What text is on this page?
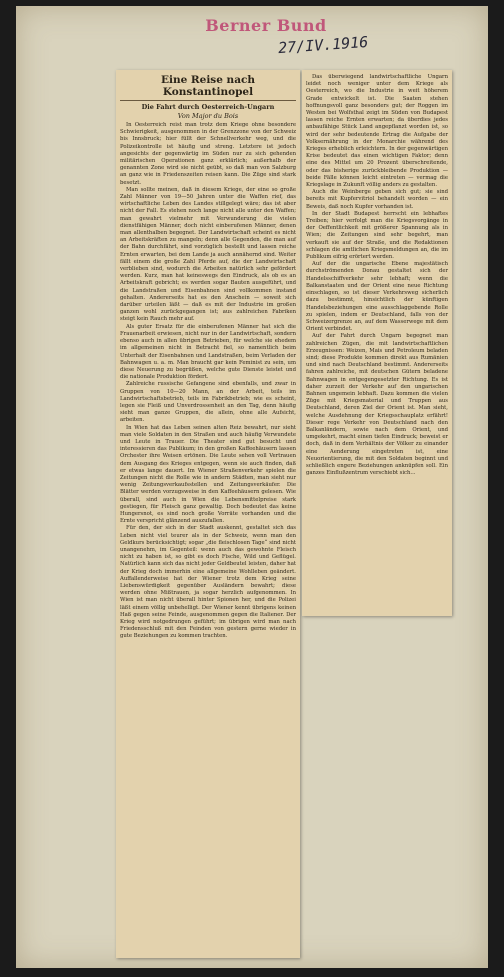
Berner Bund
27/IV.1916
Eine Reise nach Konstantinopel
Die Fahrt durch Oesterreich-Ungarn
Von Major du Bois

In Oesterreich reist man trotz dem Kriege ohne besondere Schwierigkeit, ausgenommen in der Grenzzone von der Schweiz bis Innsbruck; hier füllt der Schnellverkehr weg, und die Polizeikontrolle ist häufig und streng. Letztere ist jedoch angesichts der gegenwärtig im Süden nur zu sich gehenden militärischen Operationen ganz erklärlich; außerhalb der genannten Zone wird sie nicht geübt, so daß man von Salzburg an ganz wie in Friedenszeiten reisen kann. Die Züge sind stark besetzt.

Man sollte meinen, daß in diesem Kriege, der eine so große Zahl Männer von 19—50 Jahren unter die Waffen rief, das wirtschaftliche Leben des Landes stillgelegt wäre; das ist aber nicht der Fall. Es stehen noch lange nicht alle unter den Waffen; man gewahrt vielmehr mit Verwunderung die vielen dienstfähigen Männer, doch nicht einberufenen Männer, denen man allenthalben begegnet. Der Landwirtschaft scheint es nicht an Arbeitskräften zu mangeln; denn alle Gegenden, die man auf der Bahn durchfährt, sind vorzüglich bestellt und lassen reiche Ernten erwarten, bei dem Lande ja auch annähernd sind. Weiter fällt einem die große Zahl Pferde auf, die der Landwirtschaft verblieben sind, wodurch die Arbeiten natürlich sehr gefördert werden. Kurz, man hat keineswegs den Eindruck, als ob es an Arbeitskraft gebricht; es werden sogar Bauten ausgeführt, und die Landstraßen und Eisenbahnen sind vollkommen instand gehalten. Andererseits hat es den Anschein — soweit sich darüber urteilen läßt — daß es mit der Industrie im großen ganzen wohl zurückgegangen ist; aus zahlreichen Fabriken steigt kein Rauch mehr auf.

Als guter Ersatz für die einberufenen Männer hat sich die Frauenarbeit erwiesen, nicht nur in der Landwirtschaft, sondern ebenso auch in allen übrigen Betrieben, für welche sie ehedem im allgemeinen nicht in Betracht fiel, so namentlich beim Unterhalt der Eisenbahnen und Landstraßen, beim Verladen der Bahnwagen u. a. m. Man braucht gar kein Feminist zu sein, um diese Neuerung zu begrüßen, welche gute Dienste leistet und die nationale Produktion fördert.

Zahlreiche russische Gefangene sind ebenfalls, und zwar in Gruppen von 10—20 Mann, an der Arbeit, teils im Landwirtschaftsbetrieb, teils im Fabrikbetrieb; wie es scheint, legen sie Fleiß und Unverdrossenheit an den Tag, denn häufig sieht man ganze Gruppen, die allein, ohne alle Aufsicht, arbeiten.

In Wien hat das Leben seinen alten Reiz bewahrt, nur sieht man viele Soldaten in den Straßen und auch häufig Verwundete und Leute in Trauer. Die Theater sind gut besucht und interessieren das Publikum; in den großen Kaffeehäusern lassen Orchester ihre Weisen ertönen. Die Leute sehen voll Vertrauen dem Ausgang des Krieges entgegen, wenn sie auch finden, daß er etwas lange dauert. Im Wiener Straßenverkehr spielen die Zeitungen nicht die Rolle wie in andern Städten, man sieht nur wenig Zeitungsverkaufsstellen und Zeitungsverkäufer. Die Blätter werden vorzugsweise in den Kaffeehäusern gelesen. Wie überall, sind auch in Wien die Lebensmittelpreise stark gestiegen, für Fleisch ganz gewaltig. Doch bedeutet das keine Hungersnot, es sind noch große Vorräte vorhanden und die Ernte verspricht glänzend auszufallen.

Für den, der sich in der Stadt auskennt, gestaltet sich das Leben nicht viel teurer als in der Schweiz, wenn man den Geldkurs berücksichtigt; sogar „die fleischlosen Tage“ sind nicht unangenehm, im Gegenteil: wenn auch das gewohnte Fleisch nicht zu haben ist, so gibt es doch Fische, Wild und Geflügel. Natürlich kann sich das nicht jeder Geldbeutel leisten, daher hat der Krieg doch immerhin eine allgemeine Wohlleben geändert. Auffallenderweise hat der Wiener trotz dem Krieg seine Liebenswürdigkeit gegenüber Ausländern bewahrt; diese werden ohne Mißtrauen, ja sogar herzlich aufgenommen. In Wien ist man nicht überall hinter Spionen her, und die Polizei läßt einem völlig unbehelligt. Der Wiener kennt übrigens keinen Haß gegen seine Feinde, ausgenommen gegen die Italiener. Der Krieg wird notgedrungen geführt; im übrigen wird man nach Friedensschluß mit den Feinden von gestern gerne wieder in gute Beziehungen zu kommen trachten.

Das überwiegend landwirtschaftliche Ungarn leidet noch weniger unter dem Kriege als Oesterreich, wo die Industrie in weit höherem Grade entwickelt ist. Die Saaten stehen hoffnungsvoll ganz besonders gut; der Roggen im Westen bei Wolfsthal zeigt im Süden von Budapest lassen reiche Ernten erwarten; da überdies jedes anbaufähige Stück Land angepflanzt worden ist, so wird der sehr bedeutende Ertrag die Aufgabe der Volksernährung in der Monarchie während des Krieges erheblich erleichtern. In der gegenwärtigen Krise bedeutet das einen wichtigen Faktor; denn eine des Mittel um 20 Prozent überschreitende, oder das bisherige zurückbleibende Produktion — beide Fälle können leicht eintreten — vermag die Kriegslage in Zukunft völlig anders zu gestalten.

Auch die Weinberge geben sich gut; sie sind bereits mit Kupfervitriol behandelt worden — ein Beweis, daß noch Kupfer vorhanden ist.

In der Stadt Budapest herrscht ein lebhaftes Treiben; hier verfolgt man die Kriegsvorgänge in der Oeffentlichkeit mit größerer Spannung als in Wien; die Zeitungen sind sehr begehrt, man verkauft sie auf der Straße, und die Redaktionen schlagen die amtlichen Kriegsmeldungen an, die im Publikum eifrig erörtert werden.

Auf der die ungarische Ebene majestätisch durchströmenden Donau gestaltet sich der Handelsschiffverkehr sehr lebhaft; wenn die Balkanstaaten und der Orient eine neue Richtung einschlagen, so ist dieser Verkehrsweg sicherlich dazu bestimmt, hinsichtlich der künftigen Handelsbeziehungen eine ausschlaggebende Rolle zu spielen, indem er Deutschland, falls von der Schweizergrenze an, auf dem Wasserwege mit dem Orient verbindet.

Auf der Fahrt durch Ungarn begegnet man zahlreichen Zügen, die mit landwirtschaftlichen Erzeugnissen: Weizen, Mais und Petroleum beladen sind; diese Produkte kommen direkt aus Rumänien und sind nach Deutschland bestimmt. Andererseits fahren zahlreiche, mit deutschen Gütern beladene Bahnwagen in entgegengesetzter Richtung. Es ist daher zurzeit der Verkehr auf den ungarischen Bahnen ungemein lebhaft. Dazu kommen die vielen Züge mit Kriegsmaterial und Truppen aus Deutschland, deren Ziel der Orient ist. Man sieht, welche Ausdehnung der Kriegsschauplatz erfährt! Dieser rege Verkehr von Deutschland nach den Balkanländern, sowie nach dem Orient, und umgekehrt, macht einen tiefen Eindruck; beweist er doch, daß in dem Verhältnis der Völker zu einander eine Aenderung eingetreten ist, eine Neuorientierung, die mit den Soldaten beginnt und schließlich engere Beziehungen anknüpfen soll. Ein ganzes Einflußzentrum verschiebt sich...
